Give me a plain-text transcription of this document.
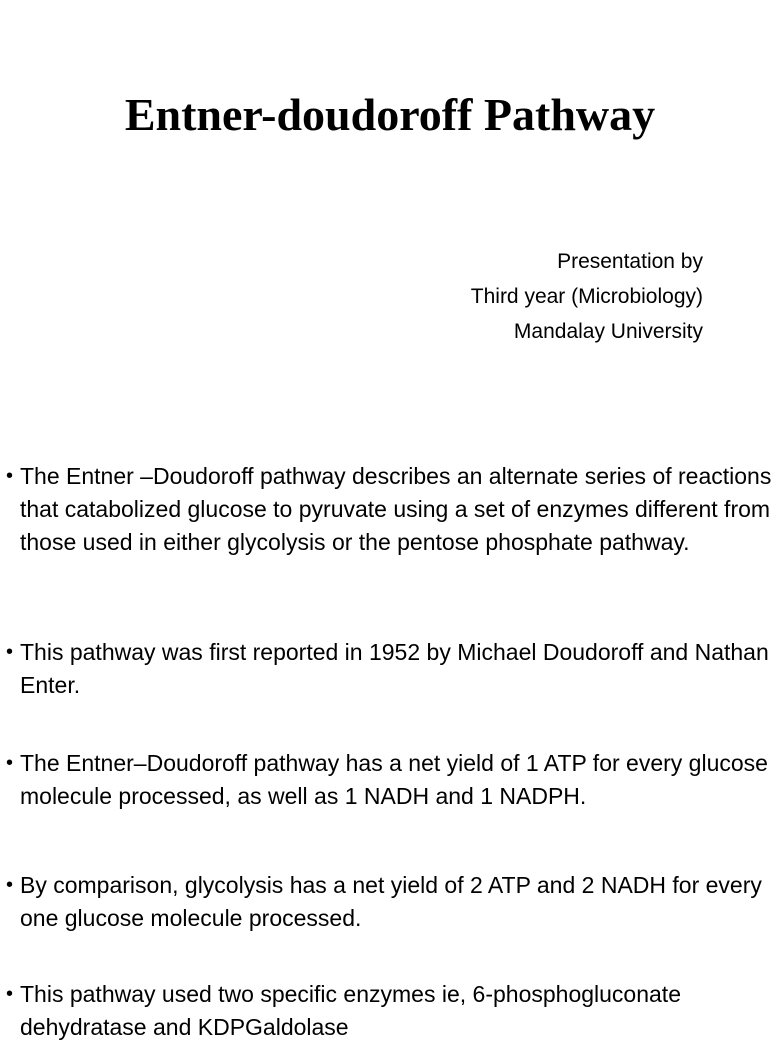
Entner-doudoroff Pathway
Presentation by
Third year (Microbiology)
Mandalay University
• The Entner –Doudoroff pathway describes an alternate series of reactions that catabolized glucose to pyruvate using a set of enzymes different from those used in either glycolysis or the pentose phosphate pathway.
• This pathway was first reported in 1952 by Michael Doudoroff and Nathan Enter.
• The Entner–Doudoroff pathway has a net yield of 1 ATP for every glucose molecule processed, as well as 1 NADH and 1 NADPH.
• By comparison, glycolysis has a net yield of 2 ATP and 2 NADH for every one glucose molecule processed.
• This pathway used two specific enzymes ie, 6-phosphogluconate dehydratase and KDPGaldolase
